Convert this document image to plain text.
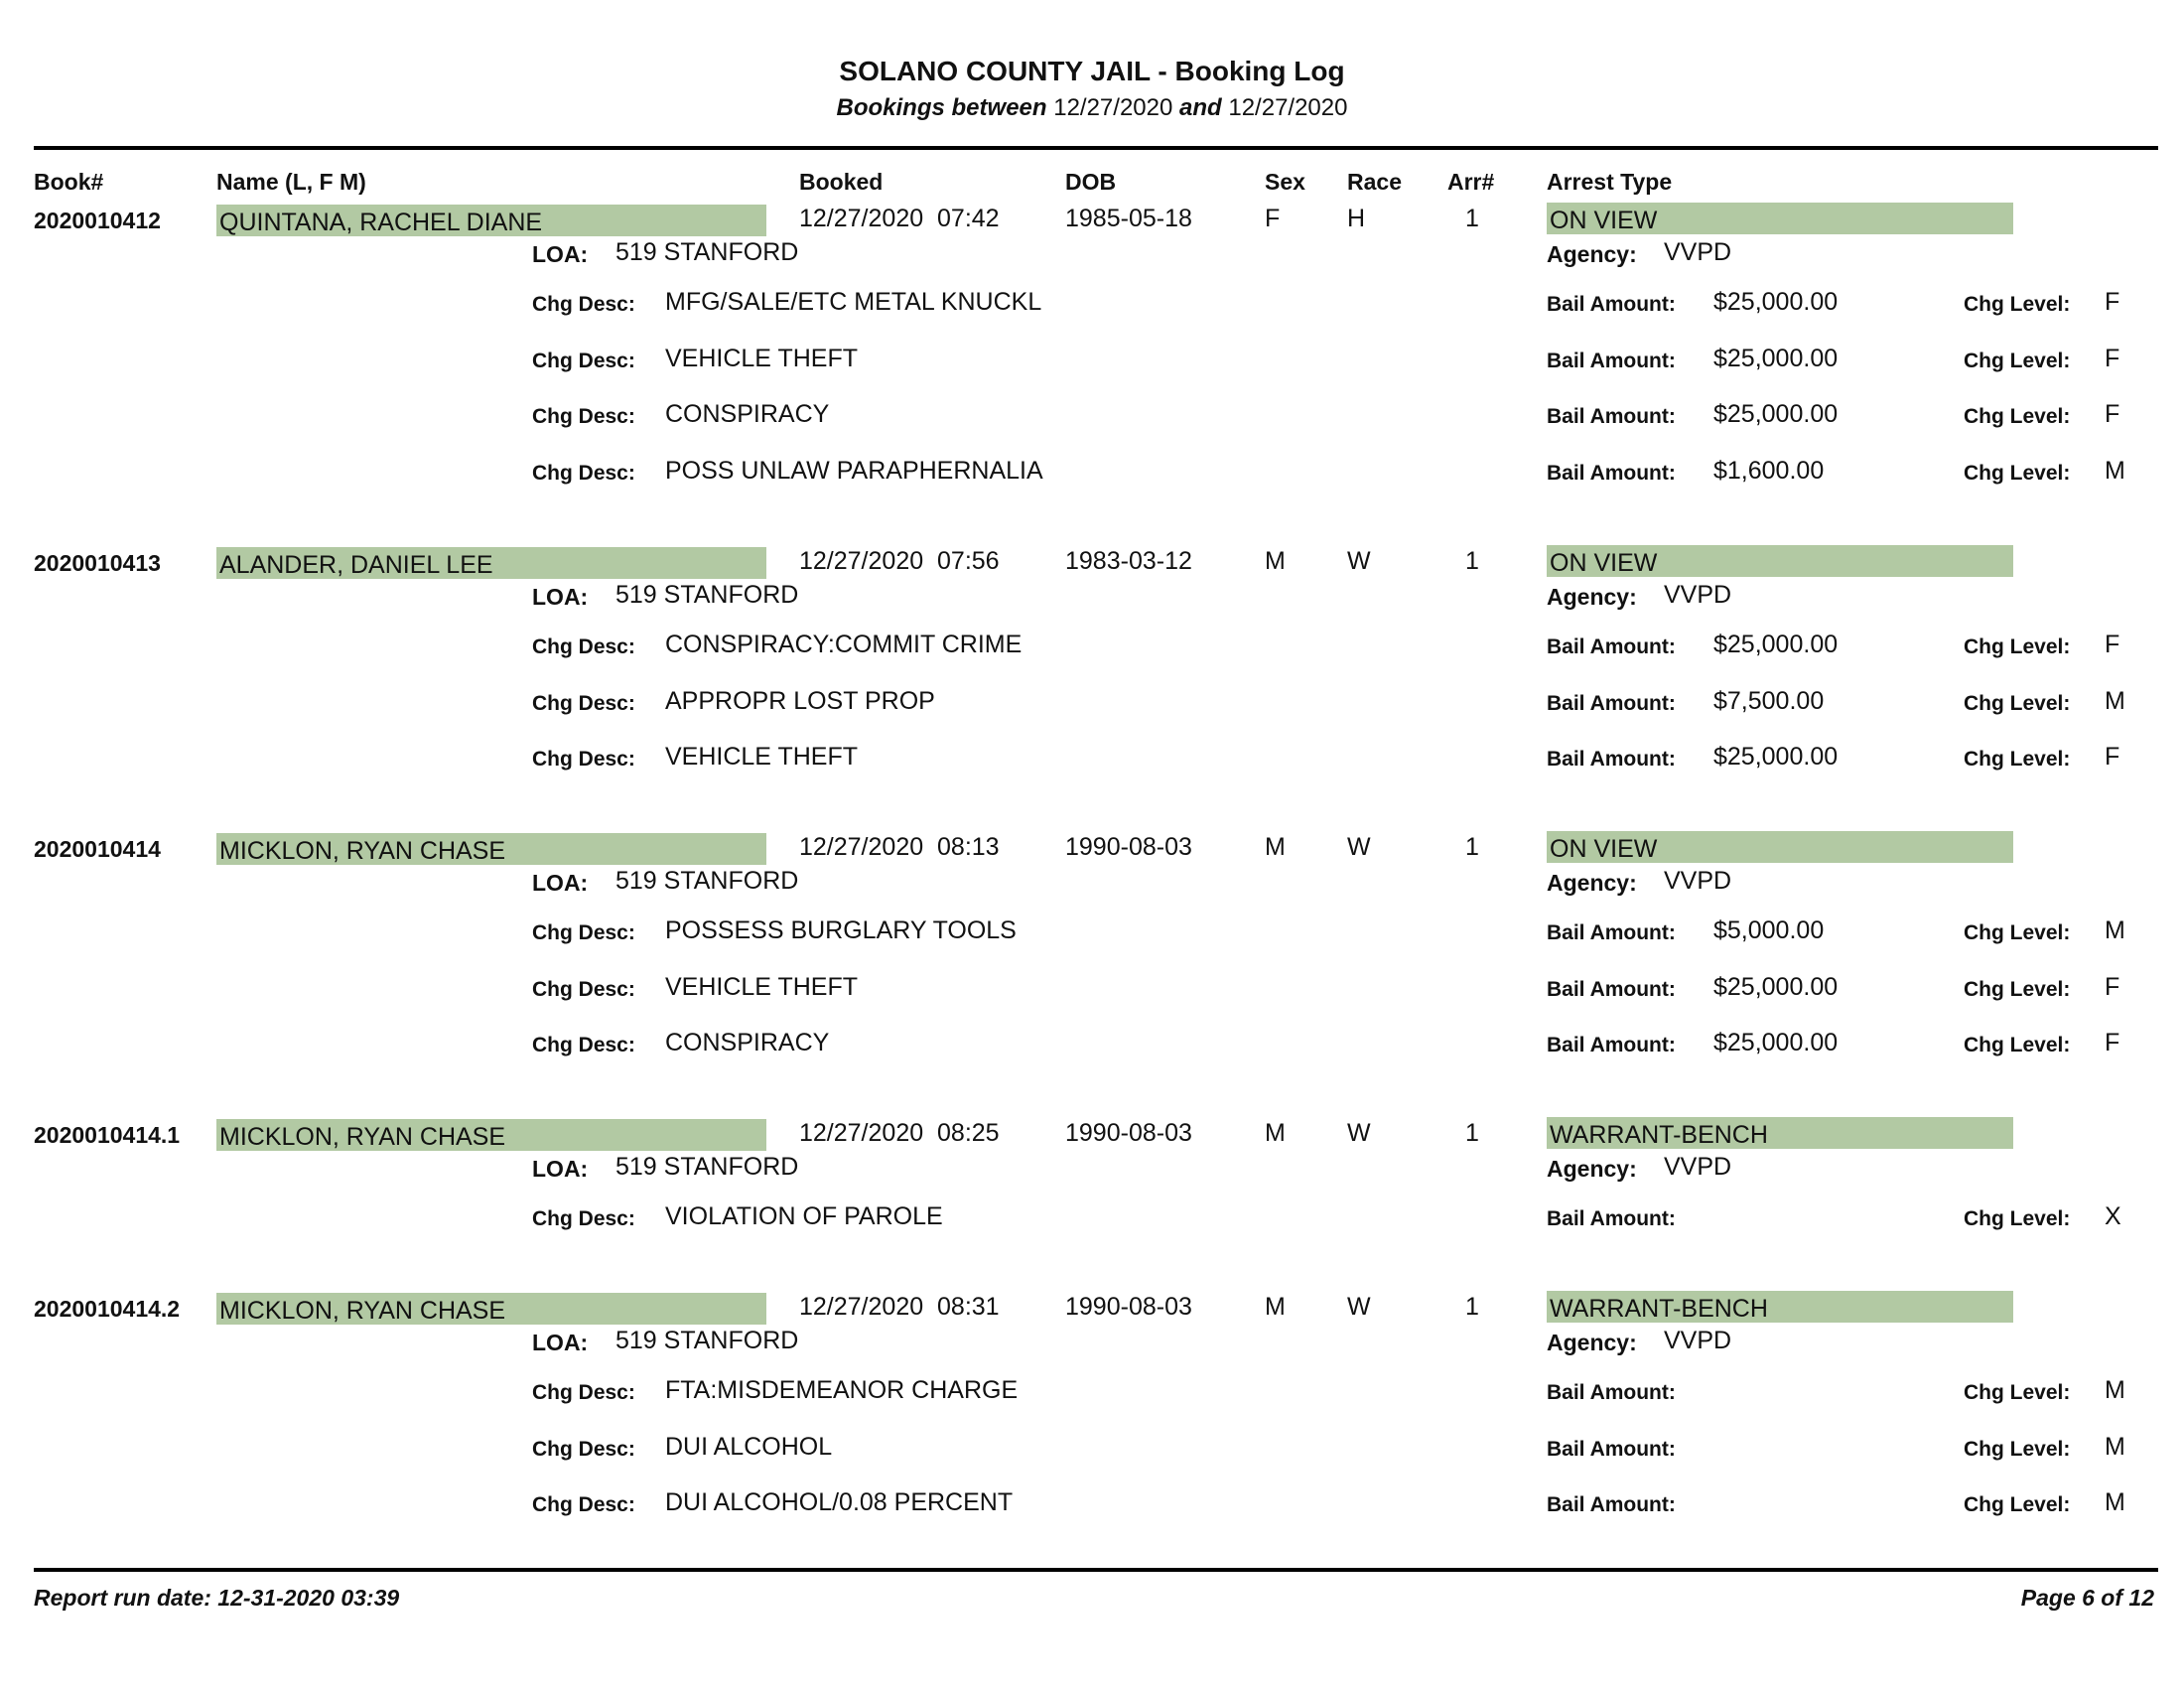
SOLANO COUNTY JAIL - Booking Log
Bookings between 12/27/2020 and 12/27/2020
Book#	Name (L, F M)	Booked	DOB	Sex Race Arr# Arrest Type
2020010412 QUINTANA, RACHEL DIANE	12/27/2020  07:42	1985-05-18	F	H	1	ON VIEW
LOA: 519 STANFORD	Agency: VVPD
Chg Desc: MFG/SALE/ETC METAL KNUCKL	Bail Amount: $25,000.00	Chg Level: F
Chg Desc: VEHICLE THEFT	Bail Amount: $25,000.00	Chg Level: F
Chg Desc: CONSPIRACY	Bail Amount: $25,000.00	Chg Level: F
Chg Desc: POSS UNLAW PARAPHERNALIA	Bail Amount: $1,600.00	Chg Level: M
2020010413 ALANDER, DANIEL LEE	12/27/2020  07:56	1983-03-12	M W	1	ON VIEW
LOA: 519 STANFORD	Agency: VVPD
Chg Desc: CONSPIRACY:COMMIT CRIME	Bail Amount: $25,000.00	Chg Level: F
Chg Desc: APPROPR LOST PROP	Bail Amount: $7,500.00	Chg Level: M
Chg Desc: VEHICLE THEFT	Bail Amount: $25,000.00	Chg Level: F
2020010414 MICKLON, RYAN CHASE	12/27/2020  08:13	1990-08-03	M W	1	ON VIEW
LOA: 519 STANFORD	Agency: VVPD
Chg Desc: POSSESS BURGLARY TOOLS	Bail Amount: $5,000.00	Chg Level: M
Chg Desc: VEHICLE THEFT	Bail Amount: $25,000.00	Chg Level: F
Chg Desc: CONSPIRACY	Bail Amount: $25,000.00	Chg Level: F
2020010414.1 MICKLON, RYAN CHASE	12/27/2020  08:25	1990-08-03	M W	1	WARRANT-BENCH
LOA: 519 STANFORD	Agency: VVPD
Chg Desc: VIOLATION OF PAROLE	Bail Amount:	Chg Level: X
2020010414.2 MICKLON, RYAN CHASE	12/27/2020  08:31	1990-08-03	M W	1	WARRANT-BENCH
LOA: 519 STANFORD	Agency: VVPD
Chg Desc: FTA:MISDEMEANOR CHARGE	Bail Amount:	Chg Level: M
Chg Desc: DUI ALCOHOL	Bail Amount:	Chg Level: M
Chg Desc: DUI ALCOHOL/0.08 PERCENT	Bail Amount:	Chg Level: M
Report run date: 12-31-2020 03:39	Page 6 of 12
